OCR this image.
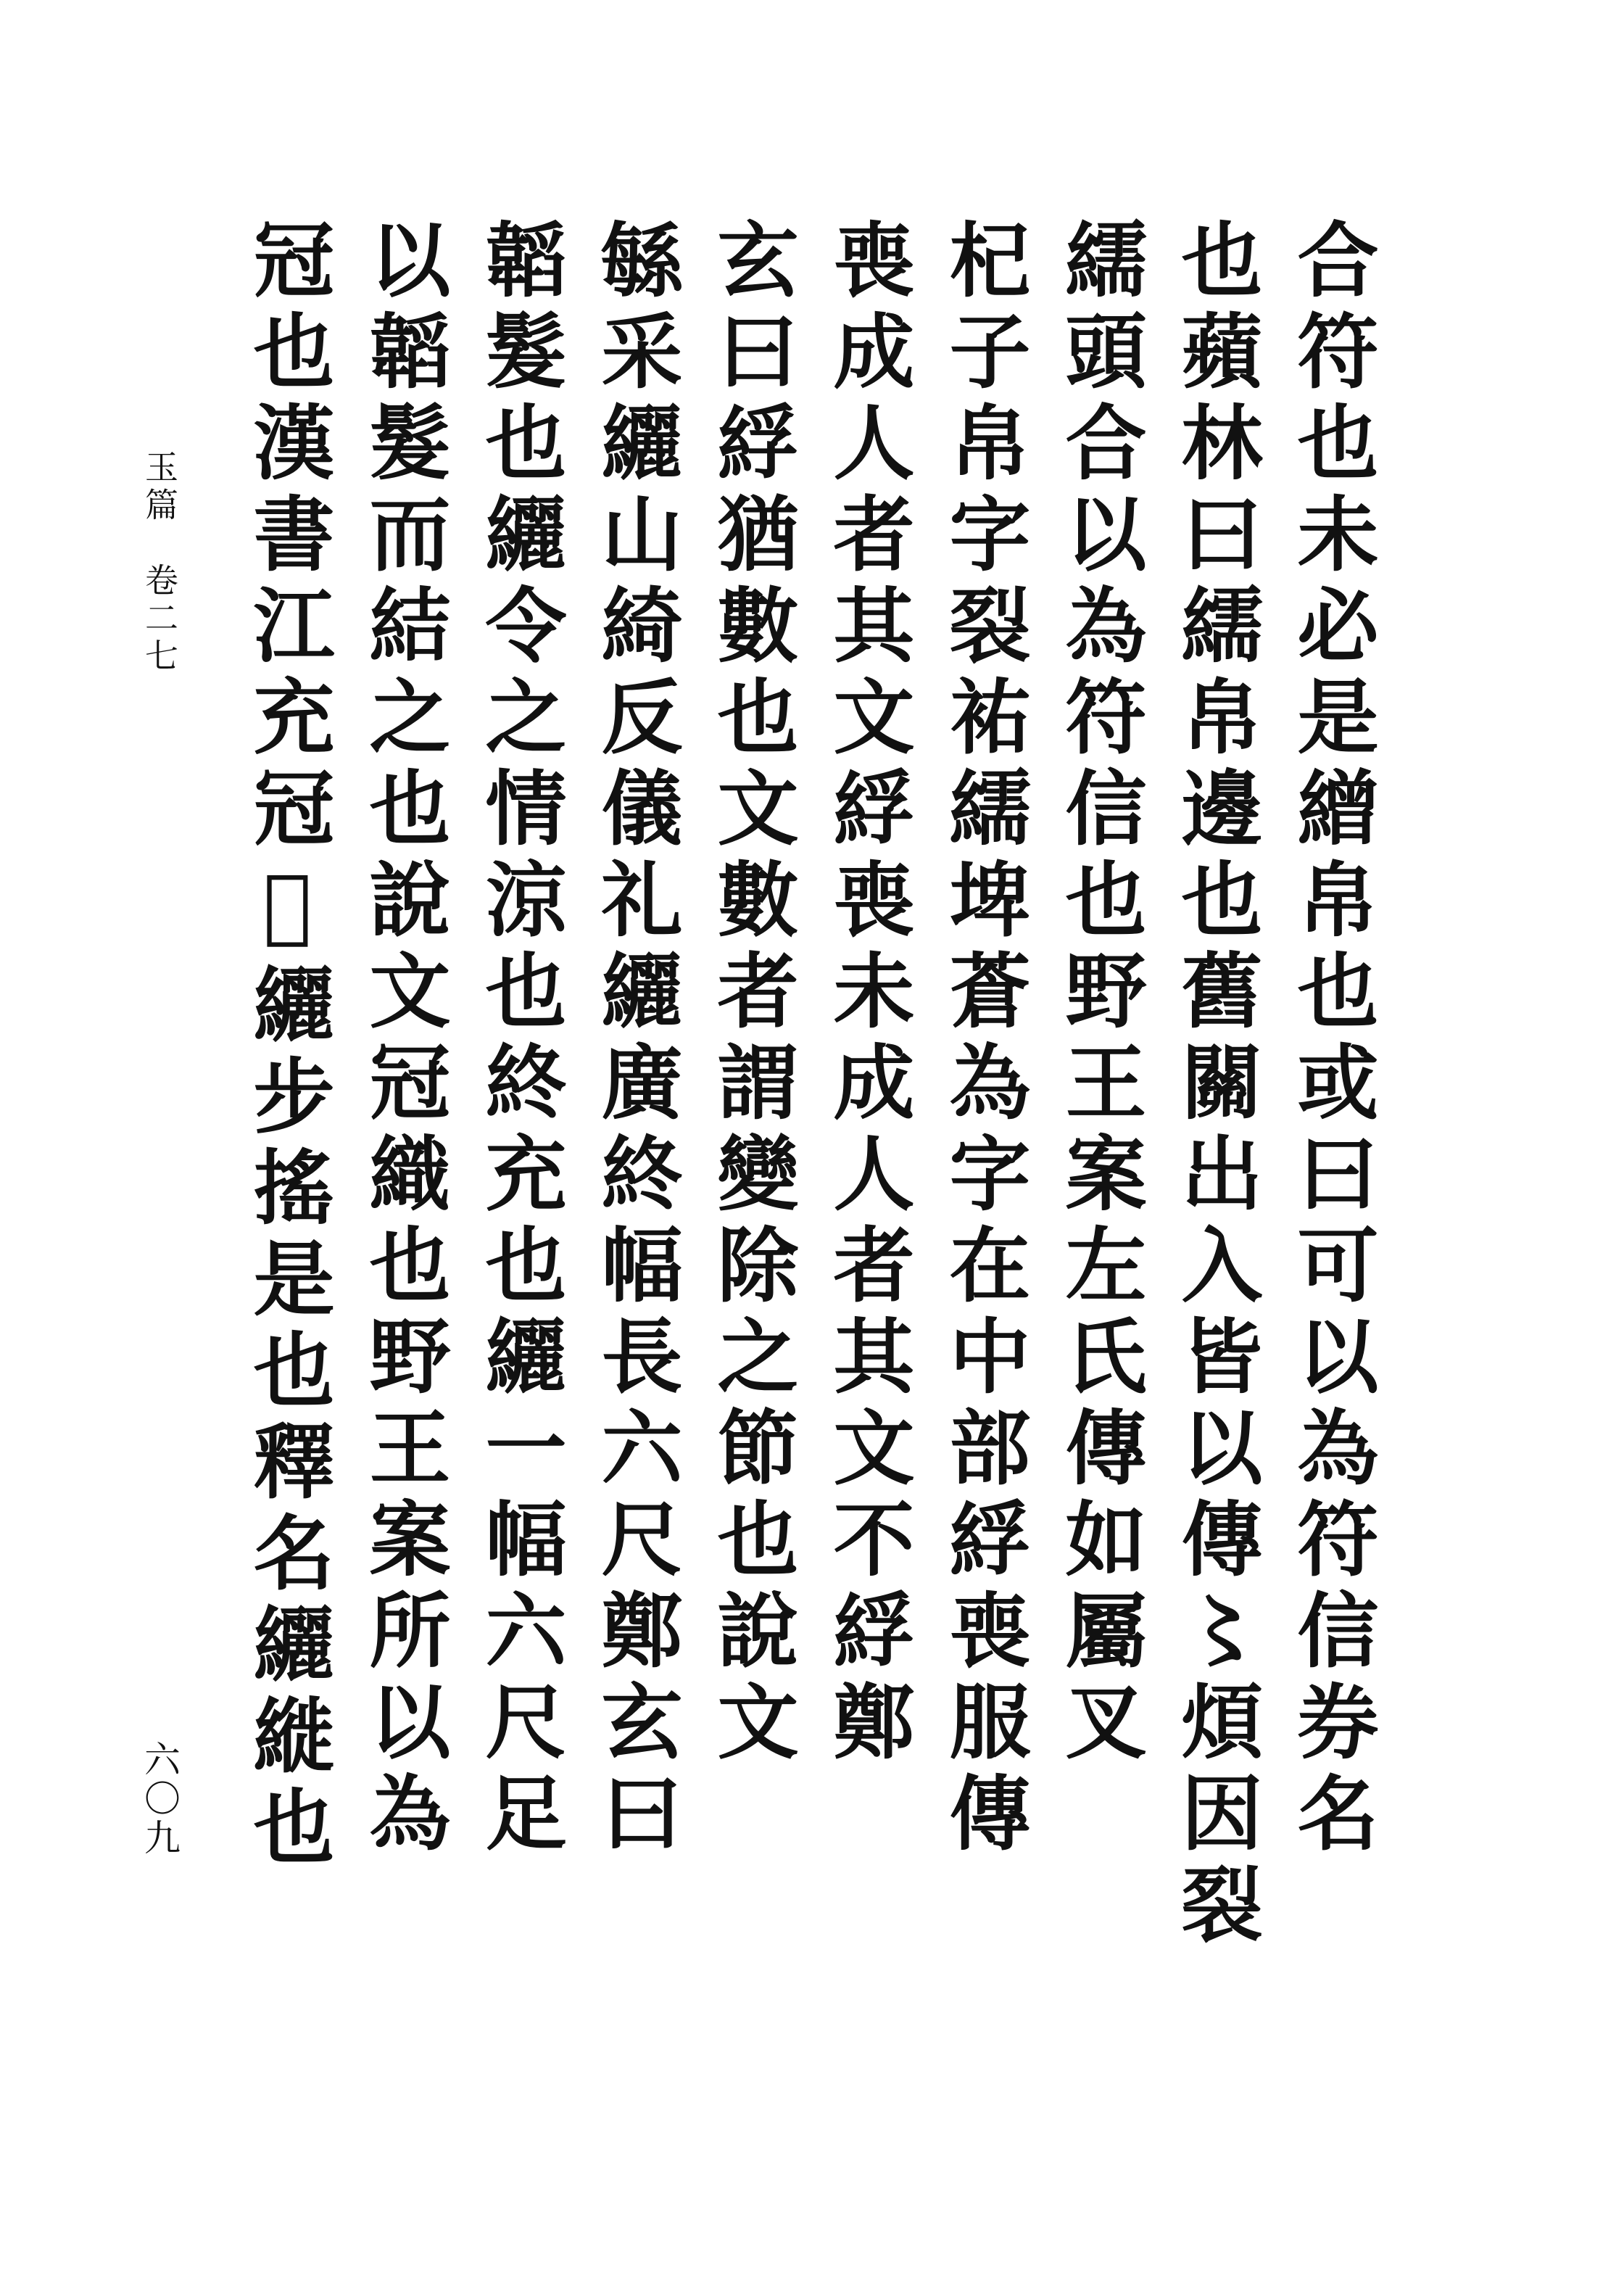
玉篇　卷二七	合符也未必是繒帛也或曰可以為符信券名
也蘋林曰繻帛邊也舊關出入皆以傳〻煩因裂
繻頭合以為符信也野王案左氏傳如屬叉
杞子帛字裂𧙗繻埤蒼為字在中部綒喪服傳
喪成人者其文綒喪未成人者其文不綒鄭
玄曰綒猶數也文數者謂變除之節也說文
緐采纚山綺反儀礼纚廣終幅長六尺鄭玄曰
韜髮也纚令之情涼也終充也纚一幅六尺足
以韜髮而結之也說文冠織也野王案所以為
冠也漢書江充冠𦊹纚步搖是也釋名纚縰也
六〇九
